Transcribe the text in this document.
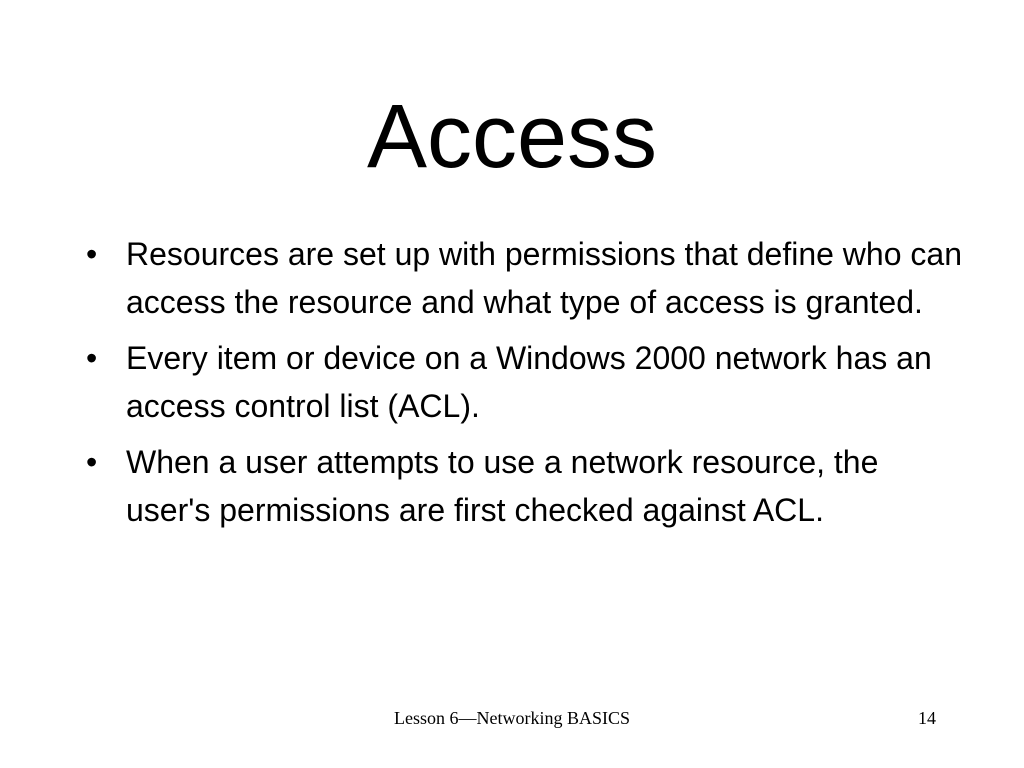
Access
• Resources are set up with permissions that define who can access the resource and what type of access is granted.
• Every item or device on a Windows 2000 network has an access control list (ACL).
• When a user attempts to use a network resource, the user's permissions are first checked against ACL.
Lesson 6—Networking BASICS	14
